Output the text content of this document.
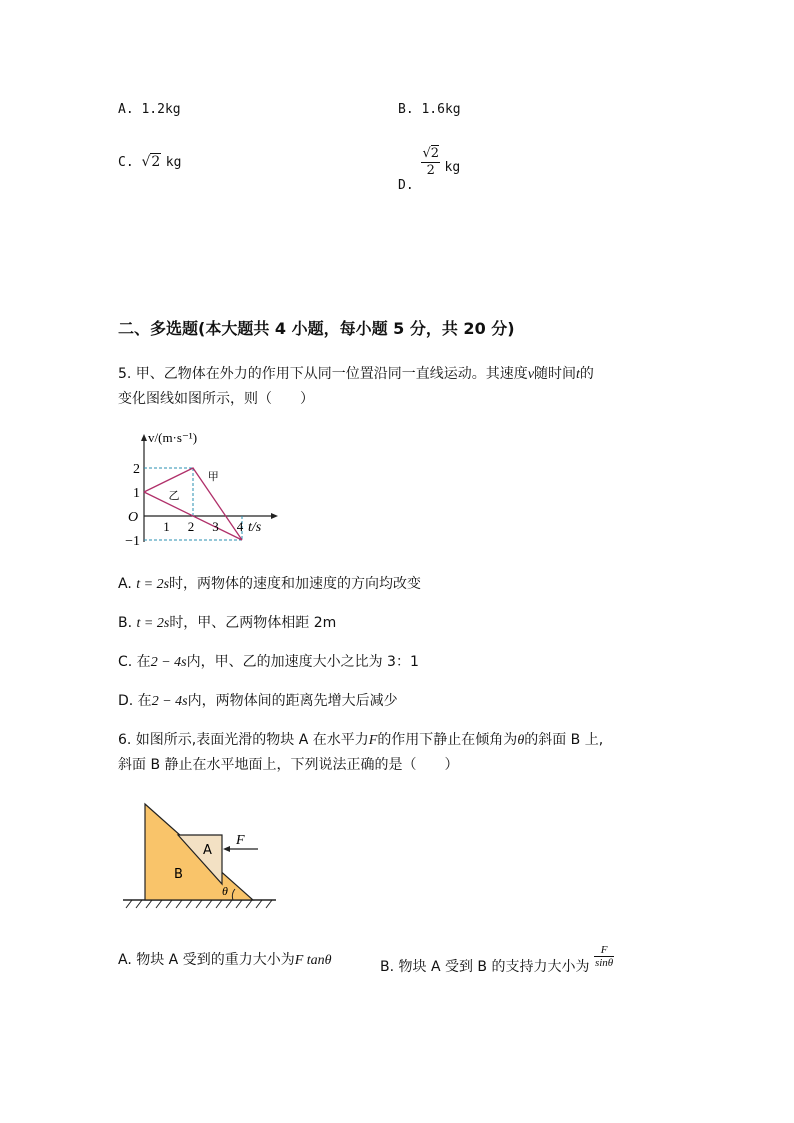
A. 1.2kg	B. 1.6kg
C. √2 kg
D.
$\frac{√2}{2}$ kg
二、多选题(本大题共 4 小题，每小题 5 分，共 20 分)
5. 甲、乙物体在外力的作用下从同一位置沿同一直线运动。其速度v随时间t的
变化图线如图所示，则（　　）
2
1
−1
1 2 3 4
O
v/(m·s⁻¹)
t/s
甲
乙
A. t = 2s时，两物体的速度和加速度的方向均改变
B. t = 2s时，甲、乙两物体相距 2m
C. 在2 − 4s内，甲、乙的加速度大小之比为 3：1
D. 在2 − 4s内，两物体间的距离先增大后减少
6. 如图所示,表面光滑的物块 A 在水平力F的作用下静止在倾角为θ的斜面 B 上,
斜面 B 静止在水平地面上，下列说法正确的是（　　）
F
A
B
θ
A. 物块 A 受到的重力大小为F tanθ	B. 物块 A 受到 B 的支持力大小为 $\frac{F}{\sin\theta}$
